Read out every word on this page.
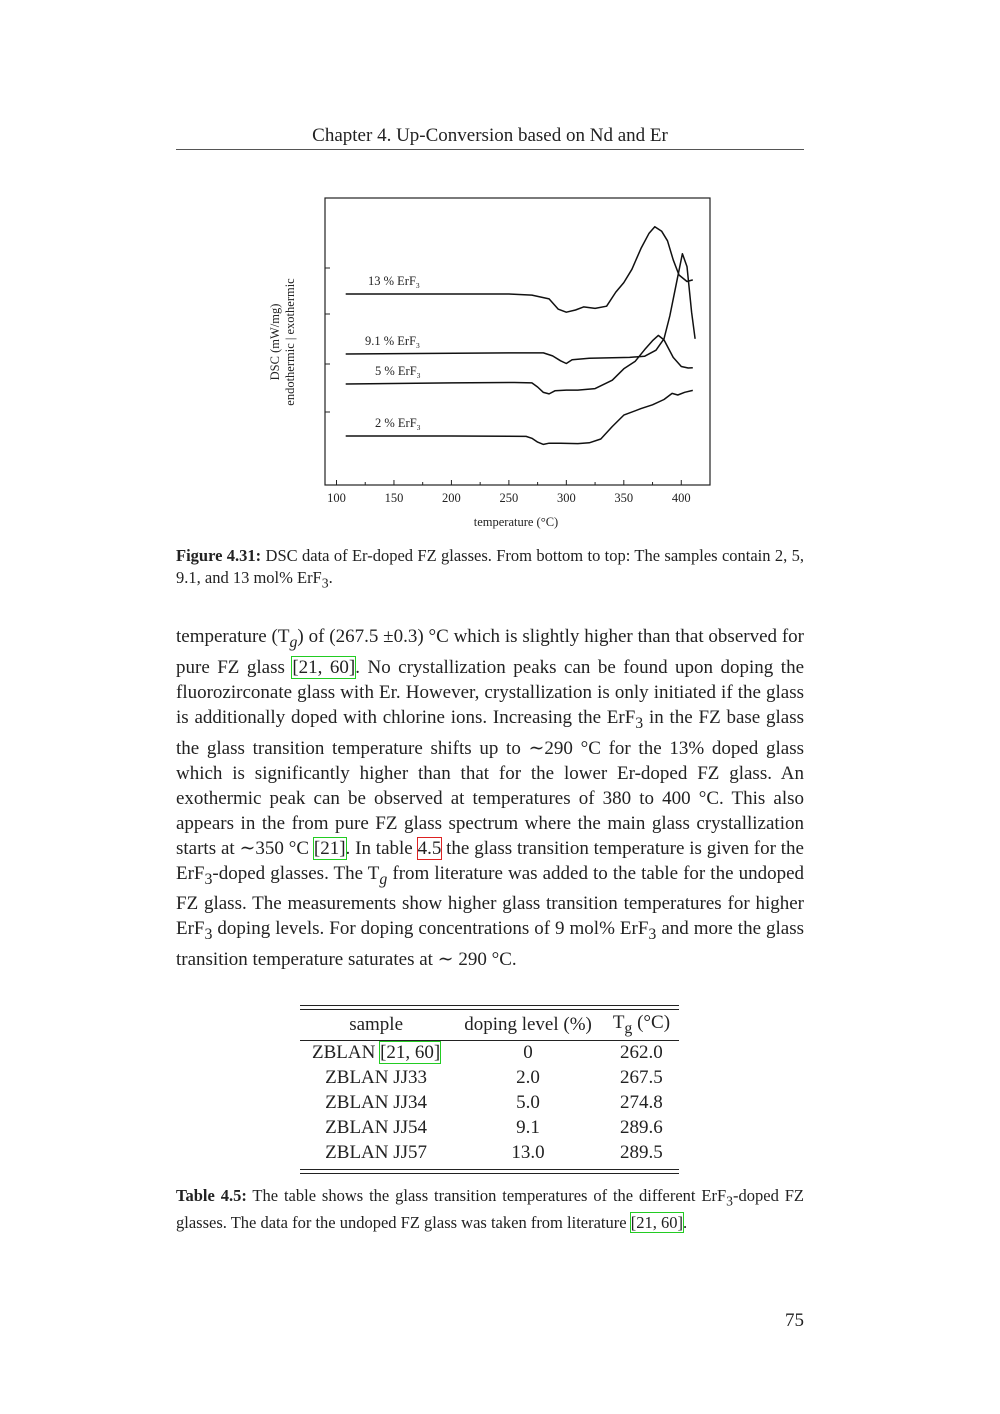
Chapter 4. Up-Conversion based on Nd and Er
100	150	200	250	300	350	400
2 % ErF$_3$
5 % ErF$_3$
9.1 % ErF$_3$
13 % ErF$_3$
temperature (°C)
DSC (mW/mg) endothermic | exothermic
Figure 4.31: DSC data of Er-doped FZ glasses. From bottom to top: The samples contain 2, 5, 9.1, and 13 mol% ErF$_3$.
temperature $(T_g)$ of (267.5 ±0.3) °C which is slightly higher than that observed for pure FZ glass [21, 60]. No crystallization peaks can be found upon doping the fluorozirconate glass with Er. However, crystallization is only initiated if the glass is additionally doped with chlorine ions. Increasing the ErF$_3$ in the FZ base glass the glass transition temperature shifts up to ∼290 °C for the 13% doped glass which is significantly higher than that for the lower Er-doped FZ glass. An exothermic peak can be observed at temperatures of 380 to 400 °C. This also appears in the from pure FZ glass spectrum where the main glass crystallization starts at ∼350 °C [21]. In table 4.5 the glass transition temperature is given for the ErF$_3$-doped glasses. The $T_g$ from literature was added to the table for the undoped FZ glass. The measurements show higher glass transition temperatures for higher ErF$_3$ doping levels. For doping concentrations of 9 mol% ErF$_3$ and more the glass transition temperature saturates at ∼ 290 °C.
sample	doping level (%)	$T_g$ (°C)
ZBLAN [21, 60]	0	262.0
ZBLAN JJ33	2.0	267.5
ZBLAN JJ34	5.0	274.8
ZBLAN JJ54	9.1	289.6
ZBLAN JJ57	13.0	289.5
Table 4.5: The table shows the glass transition temperatures of the different ErF$_3$-doped FZ glasses. The data for the undoped FZ glass was taken from literature [21, 60].
75
